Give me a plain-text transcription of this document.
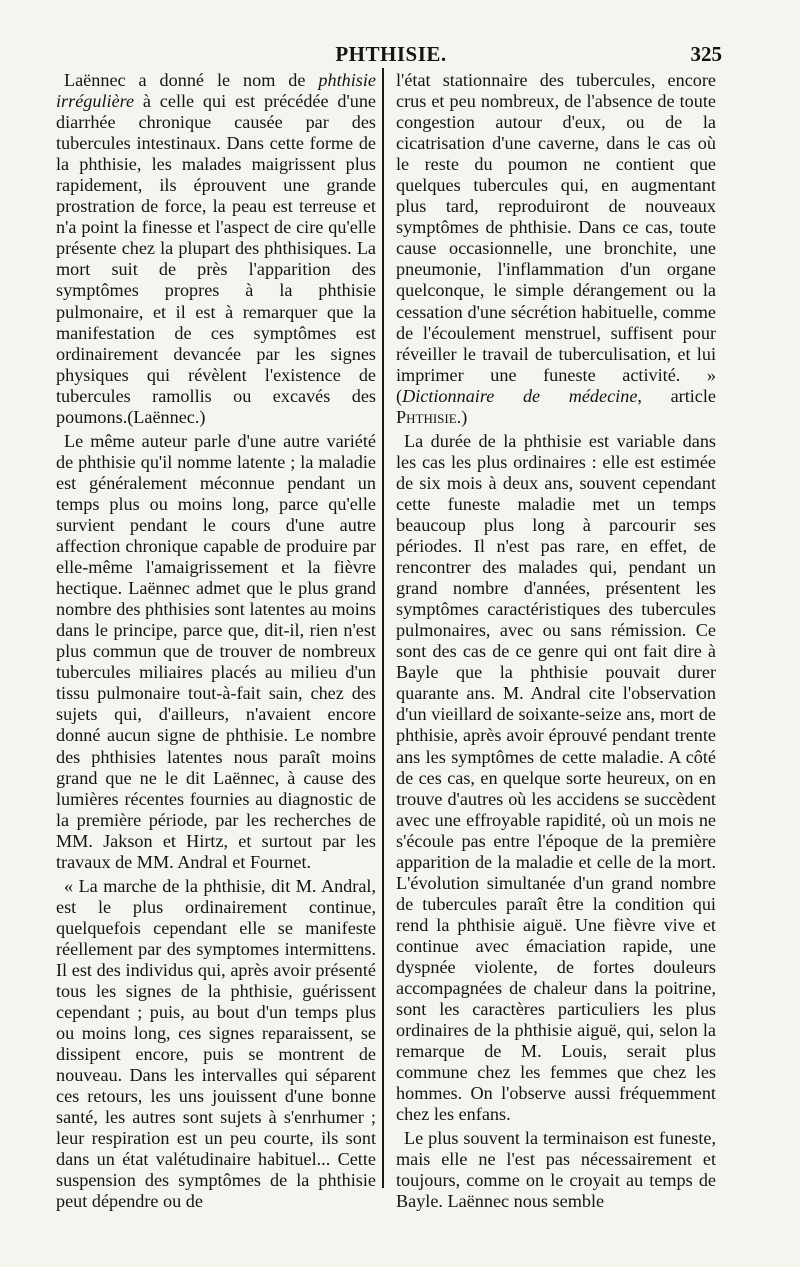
PHTHISIE.	325

Laënnec a donné le nom de phthisie irrégulière à celle qui est précédée d'une diarrhée chronique causée par des tubercules intestinaux. Dans cette forme de la phthisie, les malades maigrissent plus rapidement, ils éprouvent une grande prostration de force, la peau est terreuse et n'a point la finesse et l'aspect de cire qu'elle présente chez la plupart des phthisiques. La mort suit de près l'apparition des symptômes propres à la phthisie pulmonaire, et il est à remarquer que la manifestation de ces symptômes est ordinairement devancée par les signes physiques qui révèlent l'existence de tubercules ramollis ou excavés des poumons.(Laënnec.)

Le même auteur parle d'une autre variété de phthisie qu'il nomme latente ; la maladie est généralement méconnue pendant un temps plus ou moins long, parce qu'elle survient pendant le cours d'une autre affection chronique capable de produire par elle-même l'amaigrissement et la fièvre hectique. Laënnec admet que le plus grand nombre des phthisies sont latentes au moins dans le principe, parce que, dit-il, rien n'est plus commun que de trouver de nombreux tubercules miliaires placés au milieu d'un tissu pulmonaire tout-à-fait sain, chez des sujets qui, d'ailleurs, n'avaient encore donné aucun signe de phthisie. Le nombre des phthisies latentes nous paraît moins grand que ne le dit Laënnec, à cause des lumières récentes fournies au diagnostic de la première période, par les recherches de MM. Jakson et Hirtz, et surtout par les travaux de MM. Andral et Fournet.

« La marche de la phthisie, dit M. Andral, est le plus ordinairement continue, quelquefois cependant elle se manifeste réellement par des symptomes intermittens. Il est des individus qui, après avoir présenté tous les signes de la phthisie, guérissent cependant ; puis, au bout d'un temps plus ou moins long, ces signes reparaissent, se dissipent encore, puis se montrent de nouveau. Dans les intervalles qui séparent ces retours, les uns jouissent d'une bonne santé, les autres sont sujets à s'enrhumer ; leur respiration est un peu courte, ils sont dans un état valétudinaire habituel... Cette suspension des symptômes de la phthisie peut dépendre ou de

l'état stationnaire des tubercules, encore crus et peu nombreux, de l'absence de toute congestion autour d'eux, ou de la cicatrisation d'une caverne, dans le cas où le reste du poumon ne contient que quelques tubercules qui, en augmentant plus tard, reproduiront de nouveaux symptômes de phthisie. Dans ce cas, toute cause occasionnelle, une bronchite, une pneumonie, l'inflammation d'un organe quelconque, le simple dérangement ou la cessation d'une sécrétion habituelle, comme de l'écoulement menstruel, suffisent pour réveiller le travail de tuberculisation, et lui imprimer une funeste activité. » (Dictionnaire de médecine, article Phthisie.)

La durée de la phthisie est variable dans les cas les plus ordinaires : elle est estimée de six mois à deux ans, souvent cependant cette funeste maladie met un temps beaucoup plus long à parcourir ses périodes. Il n'est pas rare, en effet, de rencontrer des malades qui, pendant un grand nombre d'années, présentent les symptômes caractéristiques des tubercules pulmonaires, avec ou sans rémission. Ce sont des cas de ce genre qui ont fait dire à Bayle que la phthisie pouvait durer quarante ans. M. Andral cite l'observation d'un vieillard de soixante-seize ans, mort de phthisie, après avoir éprouvé pendant trente ans les symptômes de cette maladie. A côté de ces cas, en quelque sorte heureux, on en trouve d'autres où les accidens se succèdent avec une effroyable rapidité, où un mois ne s'écoule pas entre l'époque de la première apparition de la maladie et celle de la mort. L'évolution simultanée d'un grand nombre de tubercules paraît être la condition qui rend la phthisie aiguë. Une fièvre vive et continue avec émaciation rapide, une dyspnée violente, de fortes douleurs accompagnées de chaleur dans la poitrine, sont les caractères particuliers les plus ordinaires de la phthisie aiguë, qui, selon la remarque de M. Louis, serait plus commune chez les femmes que chez les hommes. On l'observe aussi fréquemment chez les enfans.

Le plus souvent la terminaison est funeste, mais elle ne l'est pas nécessairement et toujours, comme on le croyait au temps de Bayle. Laënnec nous semble
